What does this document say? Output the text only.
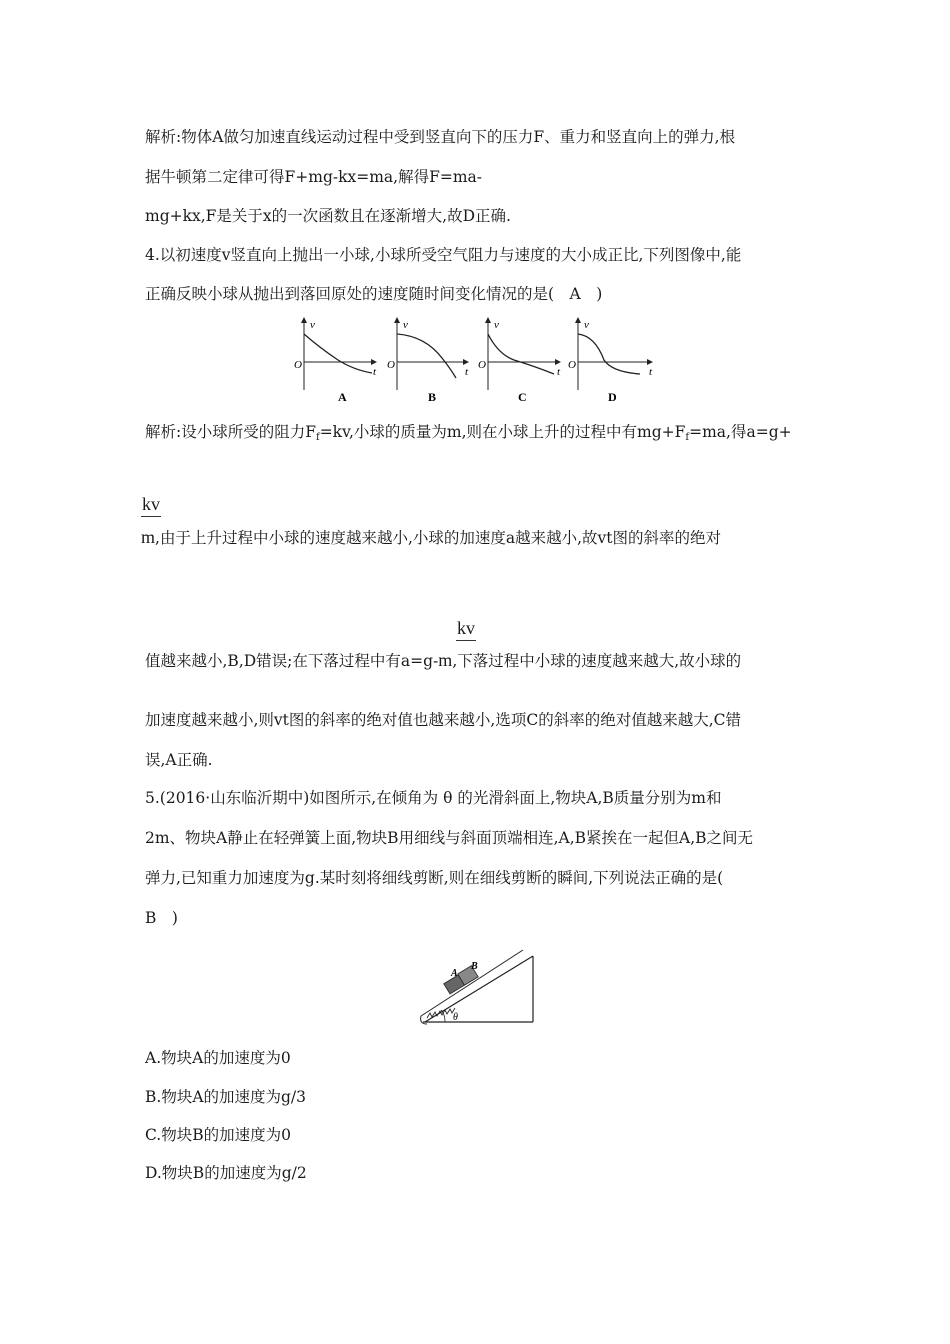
解析:物体A做匀加速直线运动过程中受到竖直向下的压力F、重力和竖直向上的弹力,根
据牛顿第二定律可得F+mg-kx=ma,解得F=ma-
mg+kx,F是关于x的一次函数且在逐渐增大,故D正确.
4.以初速度v竖直向上抛出一小球,小球所受空气阻力与速度的大小成正比,下列图像中,能
正确反映小球从抛出到落回原处的速度随时间变化情况的是(　A　)
v
t
O
A
v
t
O
B
v
t
O
C
v
t
O
D
解析:设小球所受的阻力$F_f=kv$,小球的质量为m,则在小球上升的过程中有$mg+F_f=ma$,得a=g+
kv
m,由于上升过程中小球的速度越来越小,小球的加速度a越来越小,故vt图的斜率的绝对
kv
值越来越小,B,D错误;在下落过程中有a=g-m,下落过程中小球的速度越来越大,故小球的
加速度越来越小,则vt图的斜率的绝对值也越来越小,选项C的斜率的绝对值越来越大,C错
误,A正确.
5.(2016·山东临沂期中)如图所示,在倾角为 θ 的光滑斜面上,物块A,B质量分别为m和
2m、物块A静止在轻弹簧上面,物块B用细线与斜面顶端相连,A,B紧挨在一起但A,B之间无
弹力,已知重力加速度为g.某时刻将细线剪断,则在细线剪断的瞬间,下列说法正确的是(
B　)
A
B
θ
A.物块A的加速度为0
B.物块A的加速度为g/3
C.物块B的加速度为0
D.物块B的加速度为g/2
